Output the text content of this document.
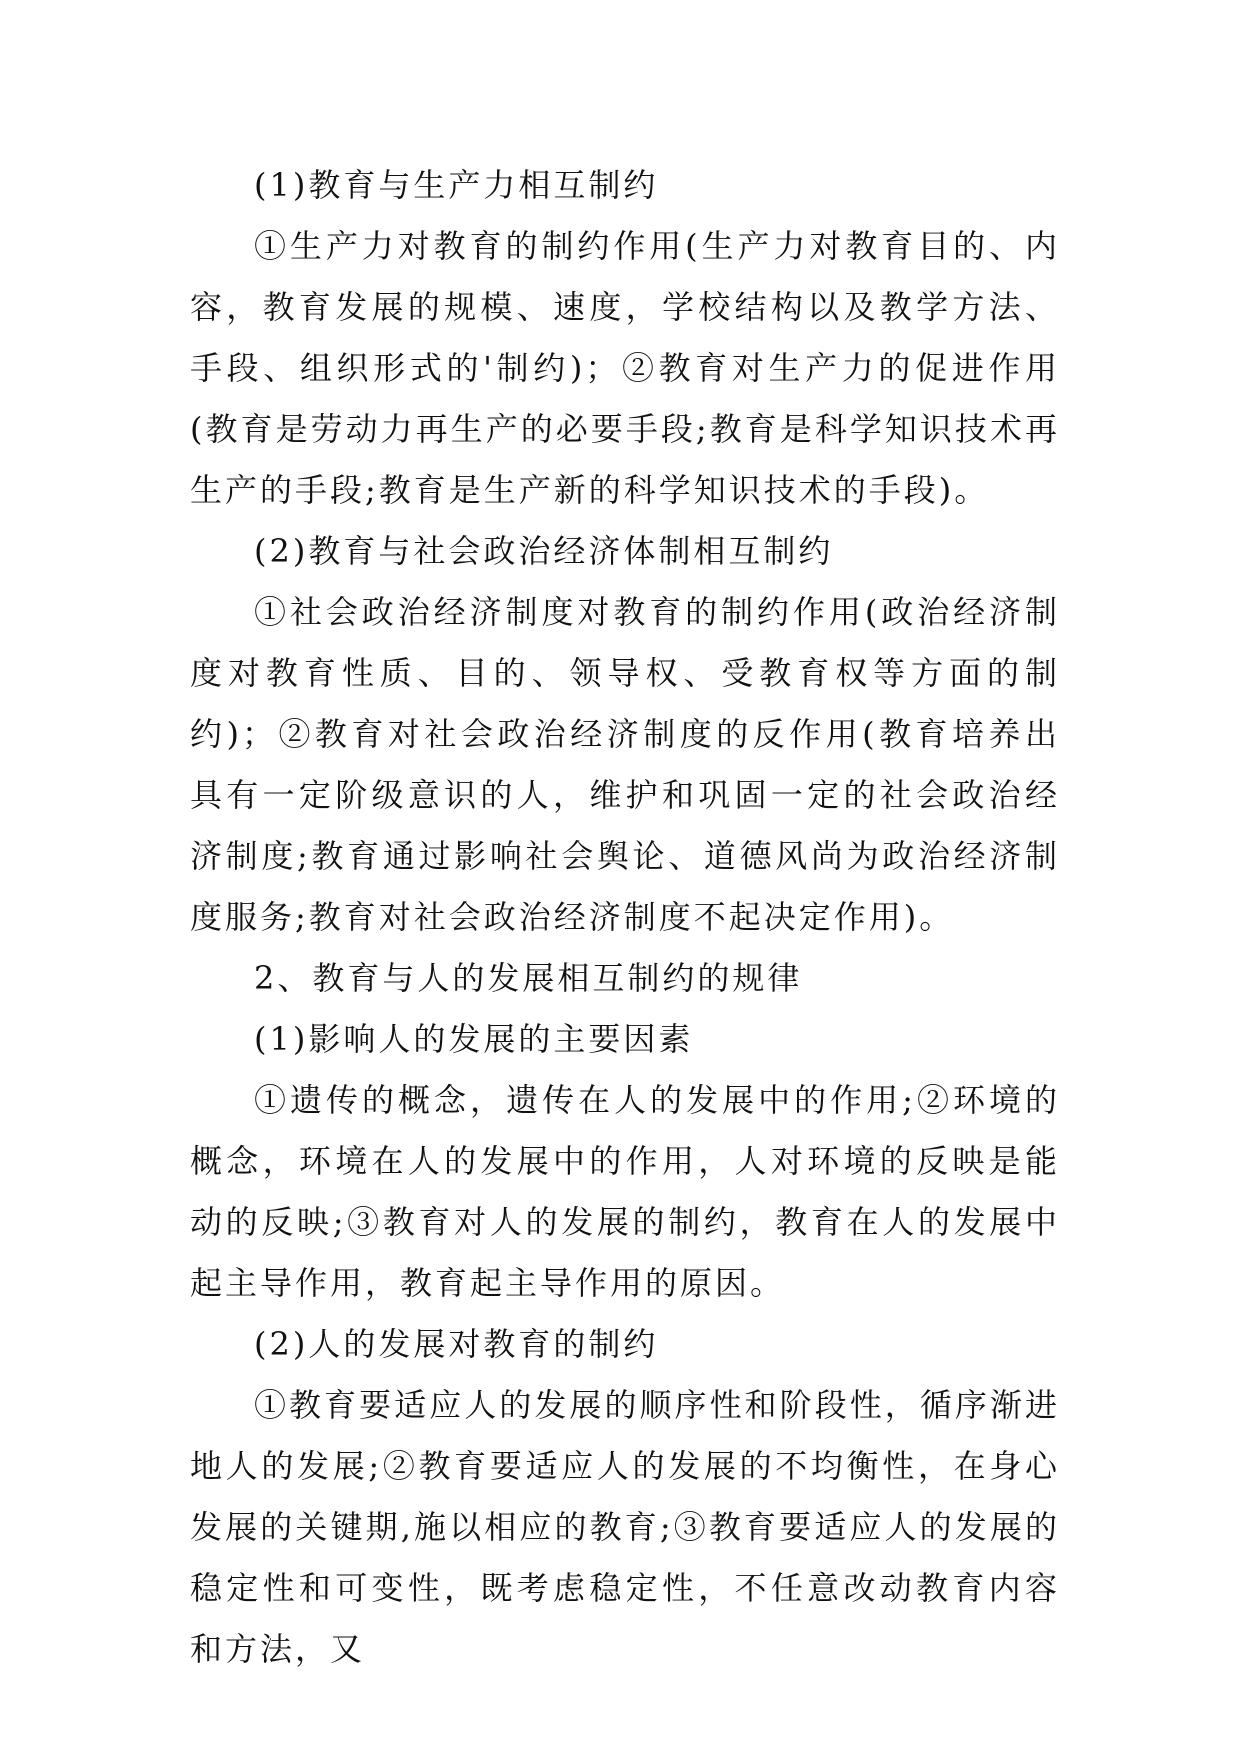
(1)教育与生产力相互制约

①生产力对教育的制约作用(生产力对教育目的、内容，教育发展的规模、速度，学校结构以及教学方法、手段、组织形式的'制约)；②教育对生产力的促进作用(教育是劳动力再生产的必要手段;教育是科学知识技术再生产的手段;教育是生产新的科学知识技术的手段)。

(2)教育与社会政治经济体制相互制约

①社会政治经济制度对教育的制约作用(政治经济制度对教育性质、目的、领导权、受教育权等方面的制约)；②教育对社会政治经济制度的反作用(教育培养出具有一定阶级意识的人，维护和巩固一定的社会政治经济制度;教育通过影响社会舆论、道德风尚为政治经济制度服务;教育对社会政治经济制度不起决定作用)。

2、教育与人的发展相互制约的规律

(1)影响人的发展的主要因素

①遗传的概念，遗传在人的发展中的作用;②环境的概念，环境在人的发展中的作用，人对环境的反映是能动的反映;③教育对人的发展的制约，教育在人的发展中起主导作用，教育起主导作用的原因。

(2)人的发展对教育的制约

①教育要适应人的发展的顺序性和阶段性，循序渐进地人的发展;②教育要适应人的发展的不均衡性，在身心发展的关键期,施以相应的教育;③教育要适应人的发展的稳定性和可变性，既考虑稳定性，不任意改动教育内容和方法，又
